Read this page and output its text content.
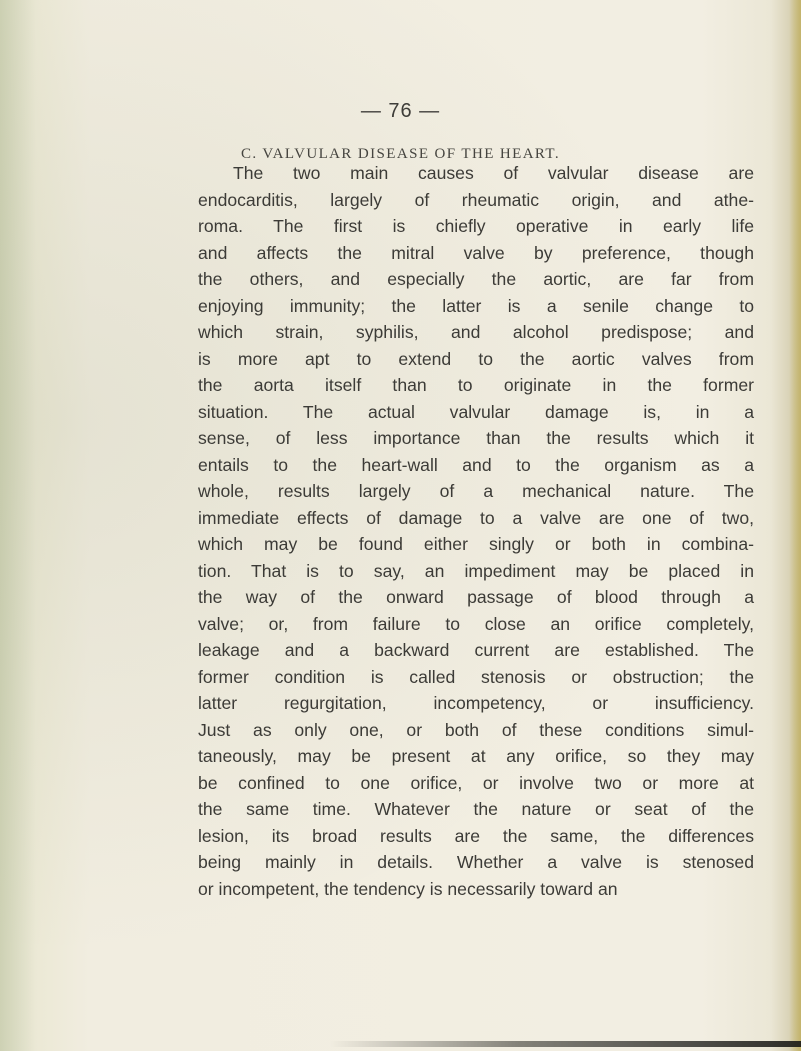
— 76 —
C. VALVULAR DISEASE OF THE HEART.
The two main causes of valvular disease are
endocarditis, largely of rheumatic origin, and athe-
roma. The first is chiefly operative in early life
and affects the mitral valve by preference, though
the others, and especially the aortic, are far from
enjoying immunity; the latter is a senile change to
which strain, syphilis, and alcohol predispose; and
is more apt to extend to the aortic valves from
the aorta itself than to originate in the former
situation. The actual valvular damage is, in a
sense, of less importance than the results which it
entails to the heart-wall and to the organism as a
whole, results largely of a mechanical nature. The
immediate effects of damage to a valve are one of two,
which may be found either singly or both in combina-
tion. That is to say, an impediment may be placed in
the way of the onward passage of blood through a
valve; or, from failure to close an orifice completely,
leakage and a backward current are established. The
former condition is called stenosis or obstruction; the
latter regurgitation, incompetency, or insufficiency.
Just as only one, or both of these conditions simul-
taneously, may be present at any orifice, so they may
be confined to one orifice, or involve two or more at
the same time. Whatever the nature or seat of the
lesion, its broad results are the same, the differences
being mainly in details. Whether a valve is stenosed
or incompetent, the tendency is necessarily toward an
